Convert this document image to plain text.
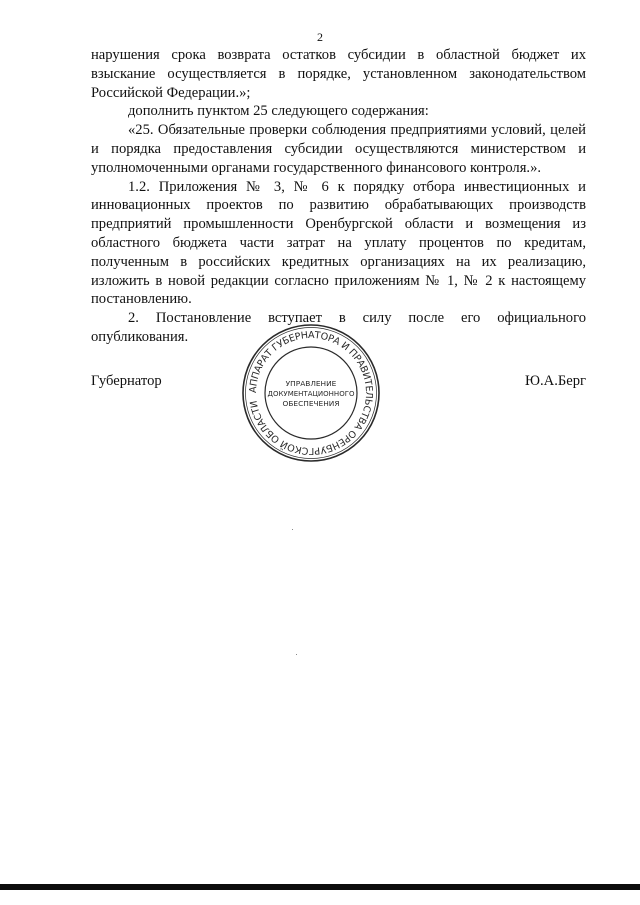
2

нарушения срока возврата остатков субсидии в областной бюджет их взыскание осуществляется в порядке, установленном законодательством Российской Федерации.»;

дополнить пунктом 25 следующего содержания:

«25. Обязательные проверки соблюдения предприятиями условий, целей и порядка предоставления субсидии осуществляются министерством и уполномоченными органами государственного финансового контроля.».

1.2. Приложения № 3, № 6 к порядку отбора инвестиционных и инновационных проектов по развитию обрабатывающих производств предприятий промышленности Оренбургской области и возмещения из областного бюджета части затрат на уплату процентов по кредитам, полученным в российских кредитных организациях на их реализацию, изложить в новой редакции согласно приложениям № 1, № 2 к настоящему постановлению.

2. Постановление вступает в силу после его официального опубликования.

Губернатор	Ю.А.Берг
АППАРАТ ГУБЕРНАТОРА И ПРАВИТЕЛЬСТВА ОРЕНБУРГСКОЙ ОБЛАСТИ
УПРАВЛЕНИЕ
ДОКУМЕНТАЦИОННОГО
ОБЕСПЕЧЕНИЯ
